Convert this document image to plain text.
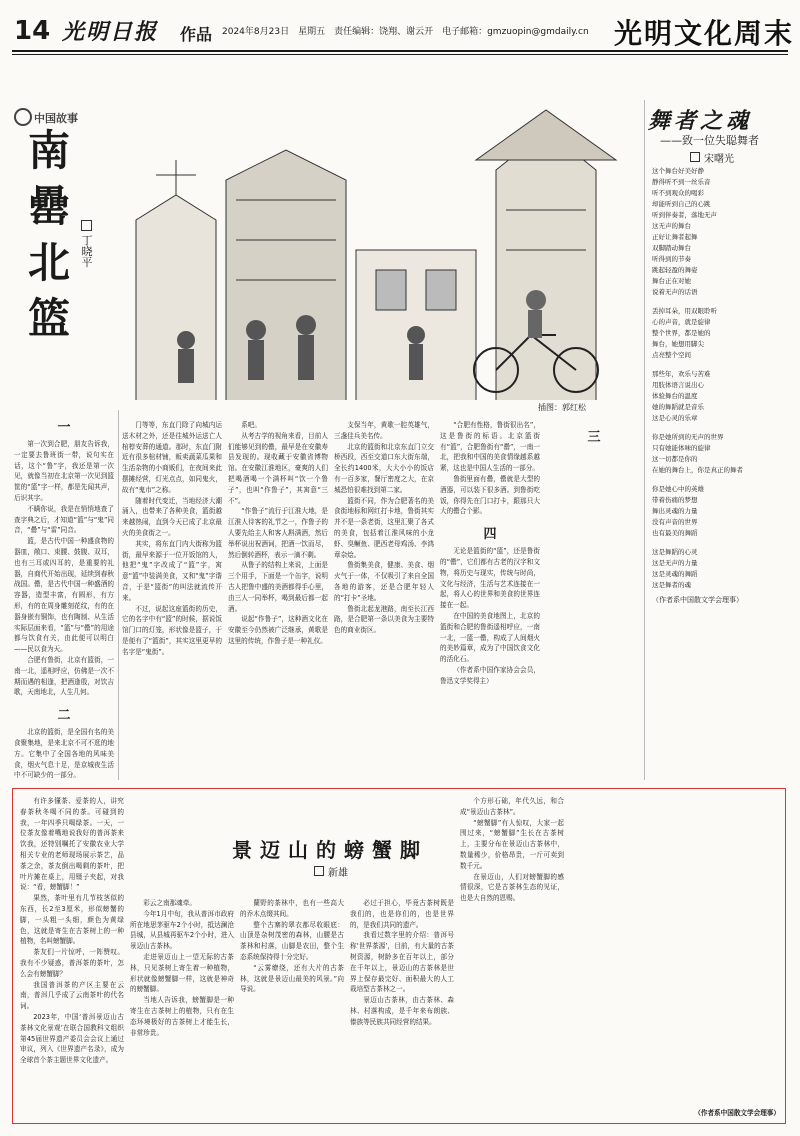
14 光明日报 作品 2024年8月23日　星期五　责任编辑：饶翔、谢云开　电子邮箱：gmzuopin@gmdaily.cn 光明文化周末
中国故事
南罍北篮 丁晓平
插图：郭红松
舞者之魂
——致一位失聪舞者
宋曙光
这个舞台好美好静
静得听不到一丝乐音
听不到观众的喝彩
却能听到自己的心跳
听到伴奏者，落地无声
这无声的舞台
正好让舞者起舞
双脚踏动舞台
听得到的节奏
跳起轻盈的舞姿
舞台正在对她
说着无声的话语
丢掉耳朵，用双眼聆听
心的声音，就是旋律
整个世界，都是她的
舞台，她想用脚尖
点亮整个空间
那些年，欢乐与苦难
用肢体语言说出心
体验舞台的温度
她的舞蹈就是音乐
这是心灵的乐章
你是她所到的无声的世界
只有她能体味的旋律
这一切都是你的
在她的舞台上，你是真正的舞者
你是她心中的英雄
带着伤痛的梦想
舞出灵魂的力量
没有声音的世界
也有最美的舞蹈
这是舞蹈的心灵
这是无声的力量
这是灵魂的舞蹈
这是舞者的魂
（作者系中国散文学会理事）
一

第一次到合肥，朋友告诉我，一定要去鲁班街一带，说句实在话，这个“鲁”字，我还是第一次见，就像当初在北京第一次见到篮筐的“篮”字一样，都是先闻其声，后识其字。

不瞒你说，我是在悄悄地查了查字典之后，才知道“篮”与“鬼”同音，“罍”与“雷”同音。

篮，是古代中国一种盛食物的器皿，敞口、束腰、鼓腹、双耳，也有三耳或四耳的，是重要的礼器，自商代开始出现，延续到春秋战国。罍，是古代中国一种盛酒的容器，造型丰富，有圆形，有方形，有的在周身雕刻花纹，有的在器身嵌有铜饰，也有陶制、从生活实际层面来看，“篮”与“罍”的用途都与饮食有关，由此便可以明白——民以食为天。

合肥有鲁街，北京有篮街，一南一北，遥相呼应，仿佛是一次不期而遇的相逢，把酒逢殷，对饮吉歌，天南地北，人生几何。

二

北京的篮街，是全国有名的美食聚集地，是来北京不可不逛的地方。它集中了全国各地的风味美食，烟火气息十足，是京城夜生活中不可缺少的一部分。

门等等，东直门除了向城内运送木材之外，还是往城外运送亡人棺椁安葬的通道。那时，东直门附近有很多棺材铺，贩卖蔬菜瓜果和生活杂物的小商贩们，在夜间来此摆摊经营，灯光点点，如同鬼火，故有“鬼市”之称。

随着时代变迁，当地经济大潮涌入，也带来了各种美食，篮街越来越热闹，直到今天已成了北京最火的美食街之一。

其实，将东直门内大街称为篮街，最早来源于一位开饭馆的人，他把“鬼”字改成了“篮”字，寓意“篮”中装满美食，又和“鬼”字谐音，于是“篮街”的叫法就流传开来。

不过，说起这座篮街的历史，它的名字中有“篮”的时候，据说饭馆门口的灯笼，形状像是篮子，于是便有了“篮街”，其实这里更早的名字是“鬼街”。

系吧。

从考古学的视角来看，目前人们能够见到的罍，最早是在安徽寿县发现的。现收藏于安徽省博物馆。在安徽江淮地区，豪爽的人们把喝酒喝一个满杯叫“饮一个鲁子”，也叫“作鲁子”，其寓意“三不”。

“作鲁子”流行于江淮大地，是江淮人待客的礼节之一，作鲁子的人要先给主人和客人斟满酒，然后举杯说出祝酒词，把酒一饮而尽，然后倒转酒杯，表示一滴不剩。

从鲁子的结构上来说，上面是三个用手，下面是一个缶字，说明古人把鲁中盛的美酒都得手心里，由三人一同举杯，喝到最后都一起酒。

说起“作鲁子”，这种酒文化在安徽至今仍然被广泛继承，黄歌是这里的传统，作鲁子是一种礼仪。

支保当年，黄歌一腔英雄气，三盏佳兵美名传。

北京的篮街和北京东直门立交桥西段，西至交道口东大街东端，全长约1400米，大大小小的饭店有一百多家，餐厅密度之大，在京城恐怕很难找到第二家。

篮街不同，作为合肥著名的美食街地标和网红打卡地，鲁街其实并不是一条老街，这里汇聚了各式的美食，包括着江淮风味的小龙虾、臭鳜鱼、肥西老母鸡汤、李鸿章杂烩。

鲁街集美食，健康、美食、烟火气于一体，不仅吸引了来自全国各地的游客，还是合肥年轻人的“打卡”圣地。

鲁街北起龙港路，南至长江西路，是合肥第一条以美食为主要特色的商业街区。

“合肥有性格，鲁街很出名”，这是鲁街的标语。北京篮街有“篮”，合肥鲁街有“罍”，一南一北，把我和中国的美食情缘越系越紧，这也是中国人生活的一部分。

鲁街里面有罍，罍就是大型的酒器，可以装下很多酒。到鲁街吃饭，你得先在门口打卡，跟那只大大的罍合个影。

四

无论是篮街的“篮”，还是鲁街的“罍”，它们都有古老的汉字和文物，将历史与现实，传统与时尚，文化与经济，生活与艺术连接在一起，将人心的世界和美食的世界连接在一起。

在中国的美食地图上，北京的篮街和合肥的鲁街遥相呼应，一南一北，一篮一罍，构成了人间烟火的美妙篇章，成为了中国饮食文化的活化石。

（作者系中国作家协会会员，鲁迅文学奖得主）

三
景迈山的螃蟹脚
新雄

有许多懂茶、爱茶的人，讲究春茶秋冬喝不同的茶。可碰到的我，一年四季只喝绿茶。一天，一位茶友像着嘴地说我好的普洱茶来饮我，还特别嘱托了安徽农业大学相关专业的老师现场展示茶艺，品茶之余，茶友倒出喝剩的茶叶，把叶片摊在桌上，用镊子夹起，对我说：“看，螃蟹脚！”

果然，茶叶里有几节枝茎似的东西，长2至3厘米，形似螃蟹的脚，一头粗一头细，颜色为黄绿色，这就是寄生在古茶树上的一种植物，名叫螃蟹脚。

茶友们一片惊呼，一阵赞叹。我有不少疑惑，普洱茶的茶叶，怎么会有螃蟹脚？

我国普洱茶的产区主要在云南，普洱几乎成了云南茶叶的代名词。

2023年，中国‘普洱景迈山古茶林文化景观’在联合国教科文组织第45届世界遗产委员会会议上通过审议，列入《世界遗产名录》，成为全球首个茶主题世界文化遗产。

彩云之南那魂牵。

今年1月中旬，我从普洱市政府所在地思茅驱车2个小时，抵达澜沧县城，从县城再驱车2个小时，进入景迈山古茶林。

走进景迈山上一望无际的古茶林，只见茶树上寄生着一种植物，形状就像螃蟹脚一样，这就是神奇的螃蟹脚。

当地人告诉我，螃蟹脚是一种寄生在古茶树上的植物，只有在生态环境极好的古茶树上才能生长，非常珍贵。

蘭野的茶林中，也有一些高大的乔木点缀其间。

整个古寨的翠衣都尽收眼底：山顶是杂树茂密的森林，山腰是古茶林和村落，山脚是农田，整个生态系统保持得十分完好。

“云雾缭绕，还有大片的古茶林，这就是景迈山最美的风景。”向导说。

必过于担心，毕竟古茶树既是我们的，也是你们的，也是世界的，是我们共同的遗产。

我看过数字里的介绍：普洱号称‘世界茶源’，目前，有大量的古茶树资源，树龄多在百年以上，部分在千年以上，景迈山的古茶林是世界上保存最完好、面积最大的人工栽培型古茶林之一。

景迈山古茶林，由古茶林、森林、村落构成，是千年来布朗族、傣族等民族共同经营的结果。

个方形石础，年代久远，和合成“景迈山古茶林”。

“螃蟹脚”有人惊叹，大家一起围过来，“螃蟹脚”生长在古茶树上，主要分布在景迈山古茶林中，数量稀少，价格昂贵，一斤可卖到数千元。

在景迈山，人们对螃蟹脚的感情很深，它是古茶林生态的见证，也是大自然的恩赐。

（作者系中国散文学会理事）
